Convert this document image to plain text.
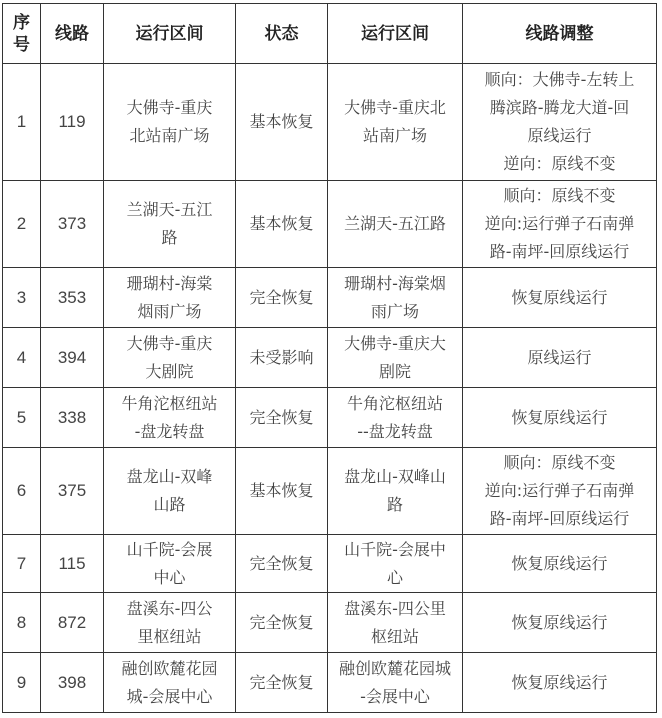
序
号	线路	运行区间	状态	运行区间	线路调整

1	119	大佛寺-重庆
北站南广场	基本恢复	大佛寺-重庆北
站南广场	顺向：大佛寺-左转上
腾滨路-腾龙大道-回
原线运行
逆向：原线不变

2	373	兰湖天-五江
路	基本恢复	兰湖天-五江路	顺向：原线不变
逆向:运行弹子石南弹
路-南坪-回原线运行

3	353	珊瑚村-海棠
烟雨广场	完全恢复	珊瑚村-海棠烟
雨广场	恢复原线运行

4	394	大佛寺-重庆
大剧院	未受影响	大佛寺-重庆大
剧院	原线运行

5	338	牛角沱枢纽站
-盘龙转盘	完全恢复	牛角沱枢纽站
--盘龙转盘	恢复原线运行

6	375	盘龙山-双峰
山路	基本恢复	盘龙山-双峰山
路	顺向：原线不变
逆向:运行弹子石南弹
路-南坪-回原线运行

7	115	山千院-会展
中心	完全恢复	山千院-会展中
心	恢复原线运行

8	872	盘溪东-四公
里枢纽站	完全恢复	盘溪东-四公里
枢纽站	恢复原线运行

9	398	融创欧麓花园
城-会展中心	完全恢复	融创欧麓花园城
-会展中心	恢复原线运行
